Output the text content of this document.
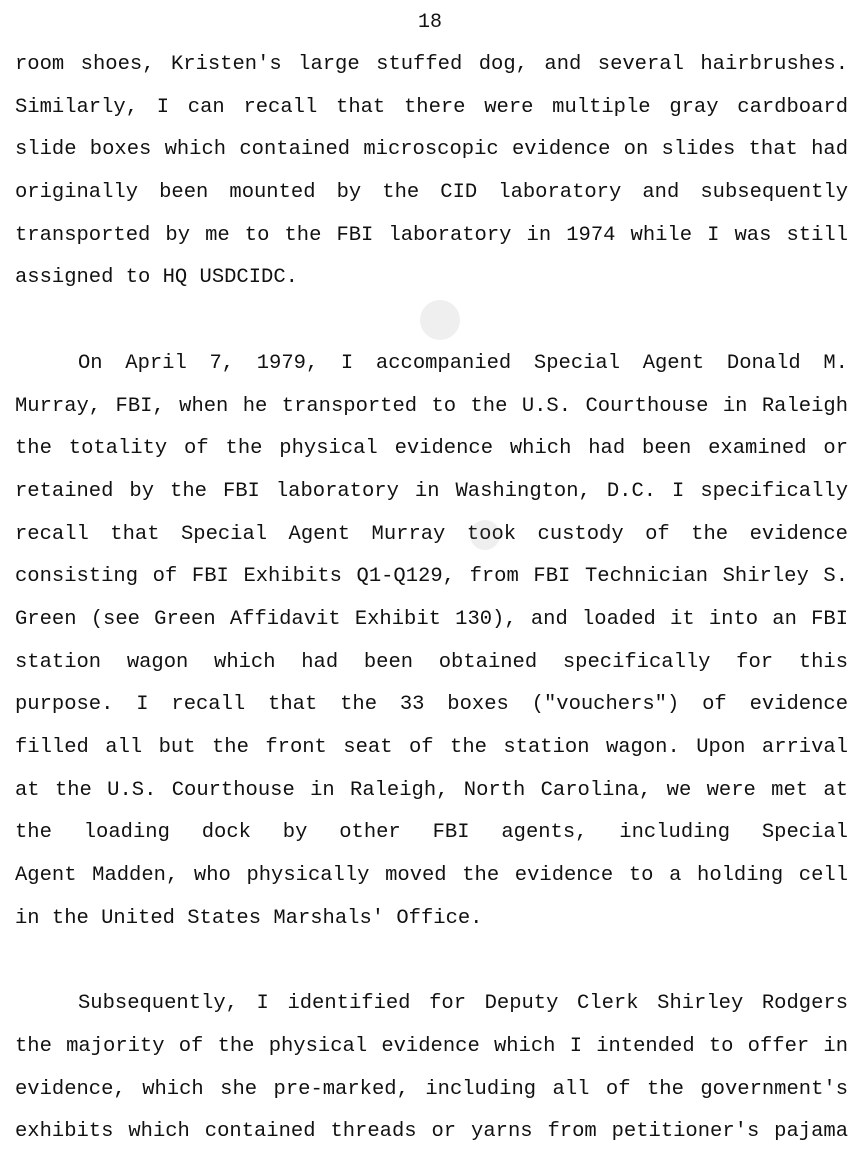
18
room shoes, Kristen's large stuffed dog, and several hairbrushes.
Similarly, I can recall that there were multiple gray cardboard
slide boxes which contained microscopic evidence on slides that had
originally been mounted by the CID laboratory and subsequently
transported by me to the FBI laboratory in 1974 while I was still
assigned to HQ USDCIDC.
On April 7, 1979, I accompanied Special Agent Donald M.
Murray, FBI, when he transported to the U.S. Courthouse in Raleigh
the totality of the physical evidence which had been examined or
retained by the FBI laboratory in Washington, D.C. I specifically
recall that Special Agent Murray took custody of the evidence
consisting of FBI Exhibits Q1-Q129, from FBI Technician Shirley S.
Green (see Green Affidavit Exhibit 130), and loaded it into an FBI
station wagon which had been obtained specifically for this
purpose. I recall that the 33 boxes ("vouchers") of evidence
filled all but the front seat of the station wagon. Upon arrival
at the U.S. Courthouse in Raleigh, North Carolina, we were met at
the loading dock by other FBI agents, including Special
Agent Madden, who physically moved the evidence to a holding cell
in the United States Marshals' Office.
Subsequently, I identified for Deputy Clerk Shirley Rodgers
the majority of the physical evidence which I intended to offer in
evidence, which she pre-marked, including all of the government's
exhibits which contained threads or yarns from petitioner's pajama
